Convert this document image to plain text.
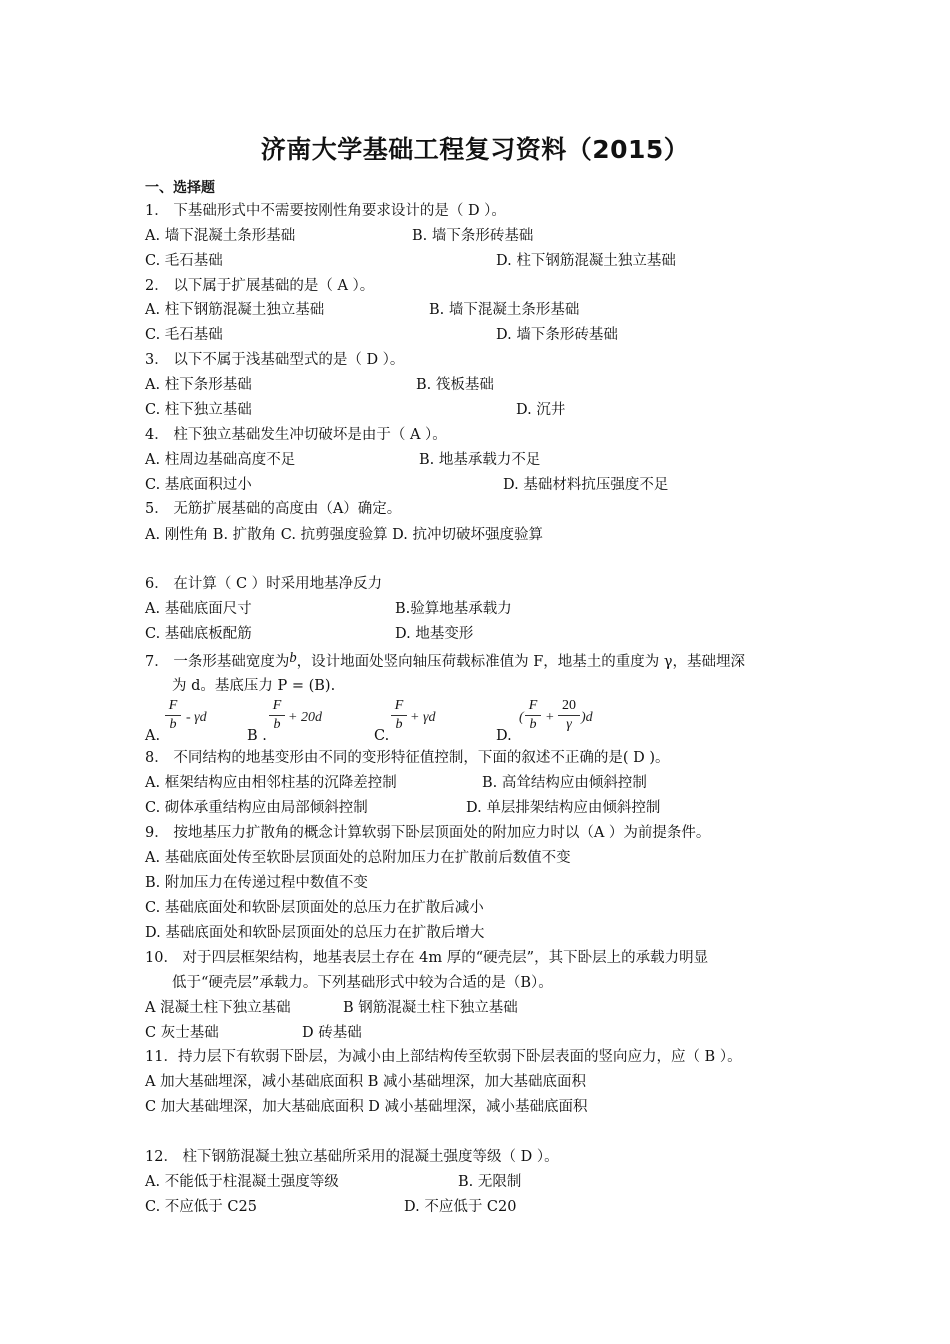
济南大学基础工程复习资料（2015）
一、选择题
1． 下基础形式中不需要按刚性角要求设计的是（ D ）。
A. 墙下混凝土条形基础	B. 墙下条形砖基础
C. 毛石基础	D. 柱下钢筋混凝土独立基础
2． 以下属于扩展基础的是（ A ）。
A. 柱下钢筋混凝土独立基础	B. 墙下混凝土条形基础
C. 毛石基础	D. 墙下条形砖基础
3． 以下不属于浅基础型式的是（ D ）。
A. 柱下条形基础	B. 筏板基础
C. 柱下独立基础	D. 沉井
4． 柱下独立基础发生冲切破坏是由于（ A ）。
A. 柱周边基础高度不足	B. 地基承载力不足
C. 基底面积过小	D. 基础材料抗压强度不足
5． 无筋扩展基础的高度由（A）确定。
A. 刚性角 B. 扩散角 C. 抗剪强度验算 D. 抗冲切破坏强度验算
6． 在计算（ C ）时采用地基净反力
A. 基础底面尺寸	B.验算地基承载力
C. 基础底板配筋	D. 地基变形
7． 一条形基础宽度为b，设计地面处竖向轴压荷载标准值为 F，地基土的重度为 γ，基础埋深
为 d。基底压力 P = (B).
F
b - γd
A.
F
b + 20d
B .
F
b + γd
C.
(
F
b +
20
γ )d
D.
8． 不同结构的地基变形由不同的变形特征值控制，下面的叙述不正确的是( D )。
A. 框架结构应由相邻柱基的沉降差控制	B. 高耸结构应由倾斜控制
C. 砌体承重结构应由局部倾斜控制	D. 单层排架结构应由倾斜控制
9． 按地基压力扩散角的概念计算软弱下卧层顶面处的附加应力时以（A ）为前提条件。
A. 基础底面处传至软卧层顶面处的总附加压力在扩散前后数值不变
B. 附加压力在传递过程中数值不变
C. 基础底面处和软卧层顶面处的总压力在扩散后减小
D. 基础底面处和软卧层顶面处的总压力在扩散后增大
10． 对于四层框架结构，地基表层土存在 4m 厚的“硬壳层”，其下卧层上的承载力明显
低于“硬壳层”承载力。下列基础形式中较为合适的是（B）。
A 混凝土柱下独立基础	B 钢筋混凝土柱下独立基础
C 灰士基础	D 砖基础
11．持力层下有软弱下卧层，为减小由上部结构传至软弱下卧层表面的竖向应力，应（ B ）。
A 加大基础埋深，减小基础底面积 B 减小基础埋深，加大基础底面积
C 加大基础埋深，加大基础底面积 D 减小基础埋深，减小基础底面积
12． 柱下钢筋混凝土独立基础所采用的混凝土强度等级（ D ）。
A. 不能低于柱混凝土强度等级	B. 无限制
C. 不应低于 C25	D. 不应低于 C20
